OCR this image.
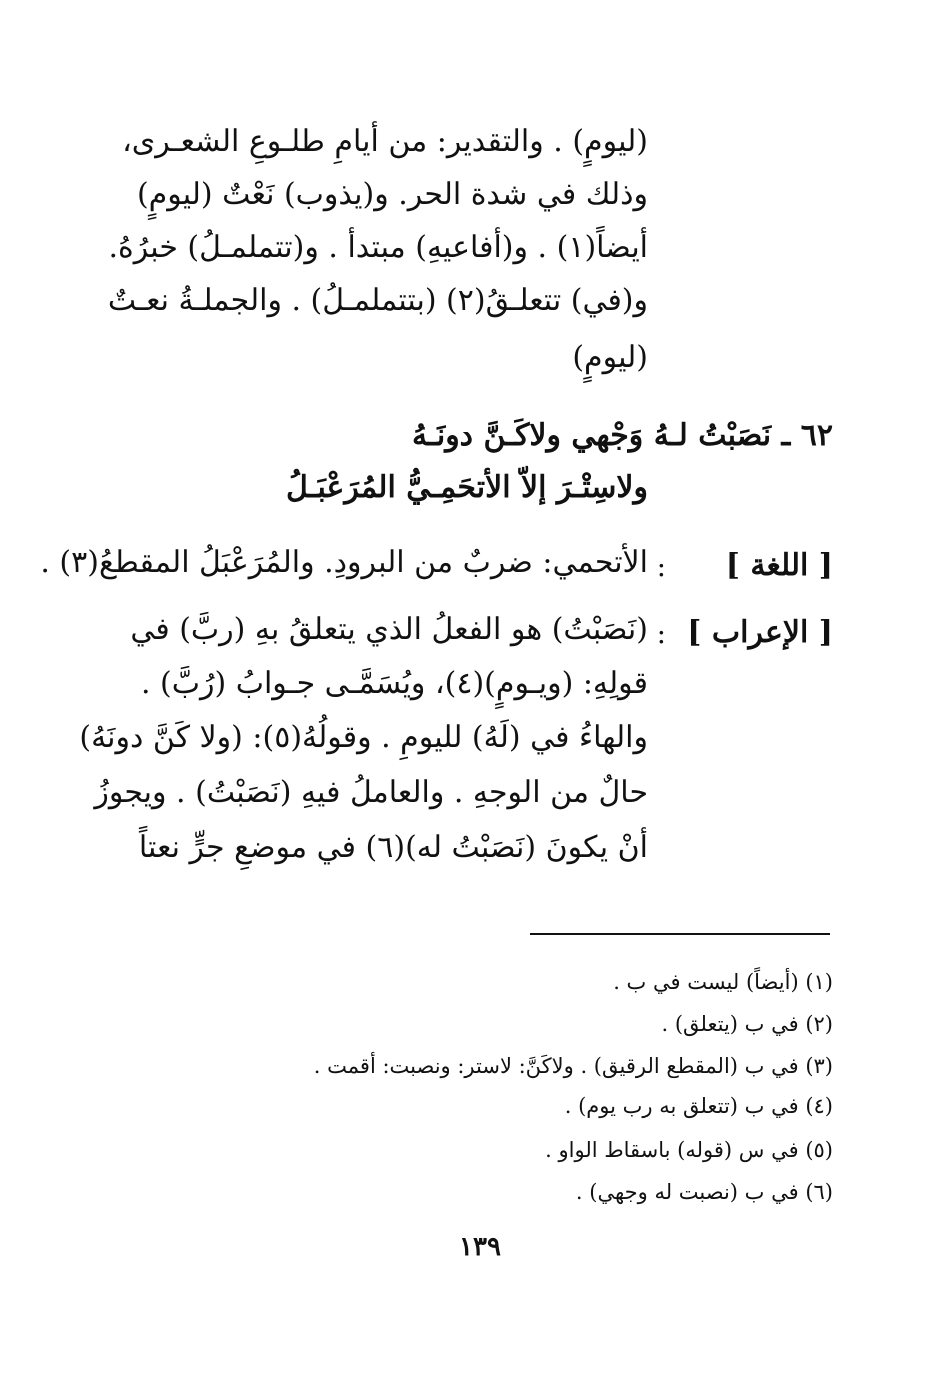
(ليومٍ) . والتقدير: من أيامِ طلـوعِ الشعـرى،
وذلك في شدة الحر. و(يذوب) نَعْتٌ (ليومٍ)
أيضاً(١) . و(أفاعيهِ) مبتدأ . و(تتملمـلُ) خبرُهُ.
و(في) تتعلـقُ(٢) (بتتملمـلُ) . والجملـةُ نعـتٌ
(ليومٍ)
٦٢ ـ نَصَبْتُ لـهُ وَجْهي ولاكَـنَّ دونَـهُ
ولاسِتْـرَ إلاّ الأتحَمِـيُّ المُرَعْبَـلُ
[ اللغة ]
:
الأتحمي: ضربٌ من البرودِ. والمُرَعْبَلُ المقطعُ(٣) .
[ الإعراب ]
:
(نَصَبْتُ) هو الفعلُ الذي يتعلقُ بهِ (ربَّ) في
قولِهِ: (ويـومٍ)(٤)، ويُسَمَّـى جـوابُ (رُبَّ) .
والهاءُ في (لَهُ) لليومِ . وقولُهُ(٥): (ولا كَنَّ دونَهُ)
حالٌ من الوجهِ . والعاملُ فيهِ (نَصَبْتُ) . ويجوزُ
أنْ يكونَ (نَصَبْتُ له)(٦) في موضعِ جرٍّ نعتاً
(١) (أيضاً) ليست في ب .
(٢) في ب (يتعلق) .
(٣) في ب (المقطع الرقيق) . ولاكَنَّ: لاستر: ونصبت: أقمت .
(٤) في ب (تتعلق به رب يوم) .
(٥) في س (قوله) باسقاط الواو .
(٦) في ب (نصبت له وجهي) .
١٣٩
